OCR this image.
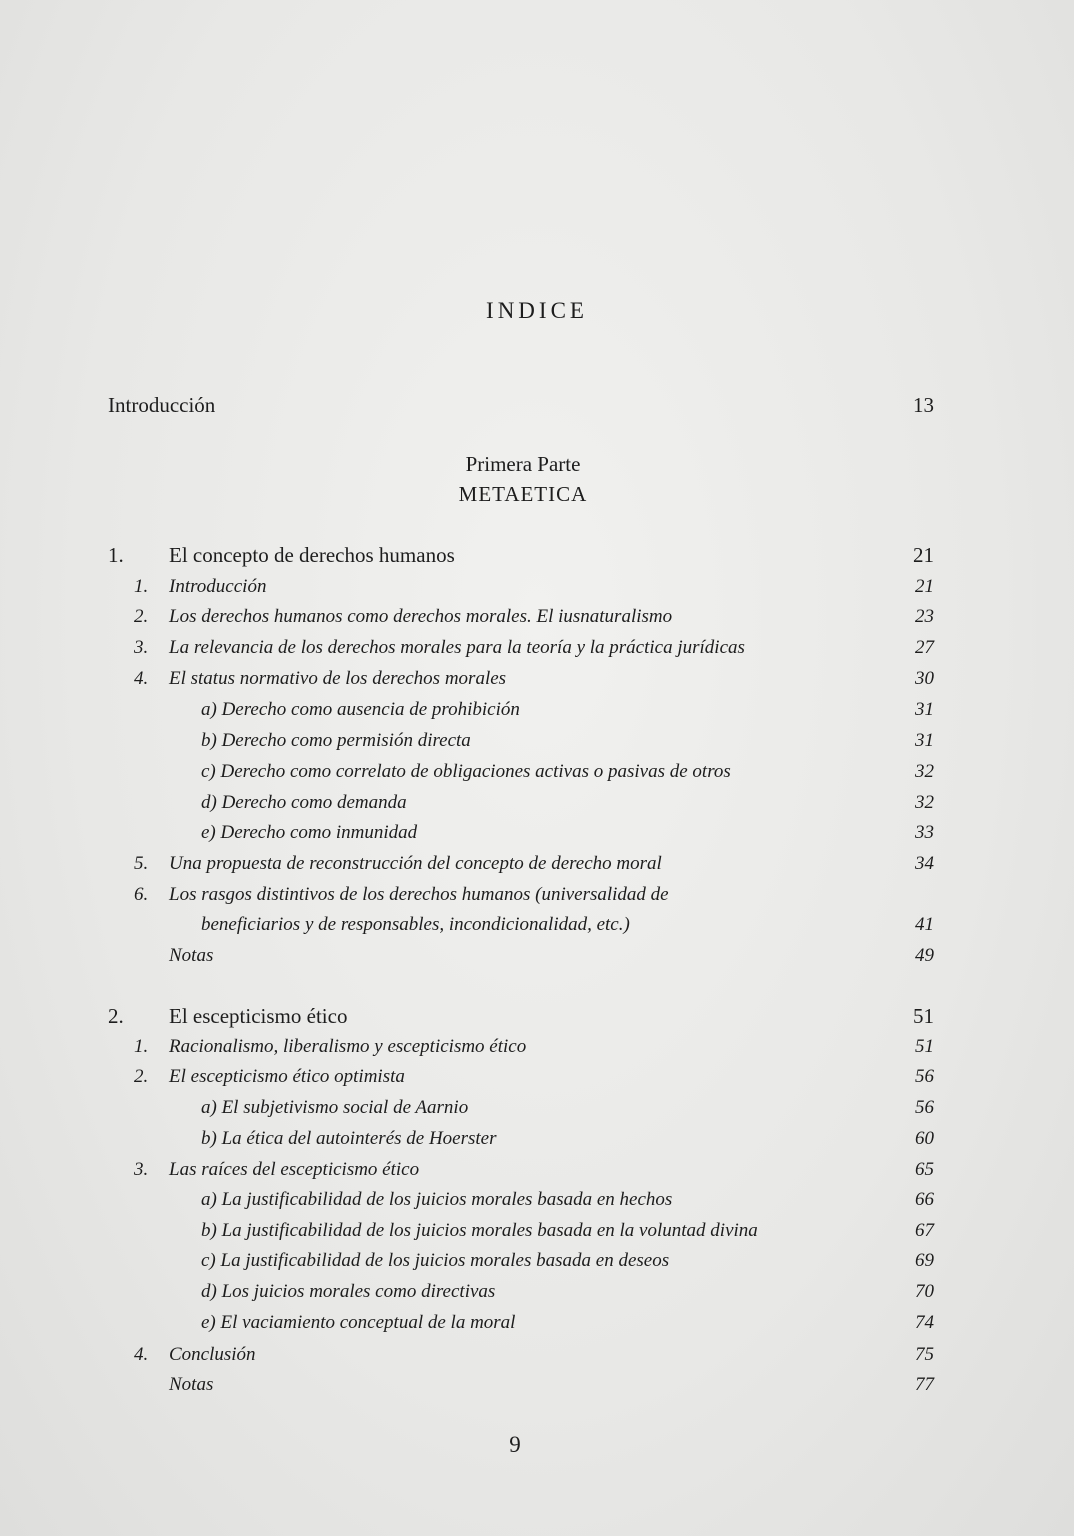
INDICE
Introducción	13
Primera Parte
METAETICA
1. El concepto de derechos humanos	21
1. Introducción	21
2. Los derechos humanos como derechos morales. El iusnaturalismo	23
3. La relevancia de los derechos morales para la teoría y la práctica jurídicas	27
4. El status normativo de los derechos morales	30
a) Derecho como ausencia de prohibición	31
b) Derecho como permisión directa	31
c) Derecho como correlato de obligaciones activas o pasivas de otros	32
d) Derecho como demanda	32
e) Derecho como inmunidad	33
5. Una propuesta de reconstrucción del concepto de derecho moral	34
6. Los rasgos distintivos de los derechos humanos (universalidad de
beneficiarios y de responsables, incondicionalidad, etc.)	41
Notas	49
2. El escepticismo ético	51
1. Racionalismo, liberalismo y escepticismo ético	51
2. El escepticismo ético optimista	56
a) El subjetivismo social de Aarnio	56
b) La ética del autointerés de Hoerster	60
3. Las raíces del escepticismo ético	65
a) La justificabilidad de los juicios morales basada en hechos	66
b) La justificabilidad de los juicios morales basada en la voluntad divina	67
c) La justificabilidad de los juicios morales basada en deseos	69
d) Los juicios morales como directivas	70
e) El vaciamiento conceptual de la moral	74
4. Conclusión	75
Notas	77
9
